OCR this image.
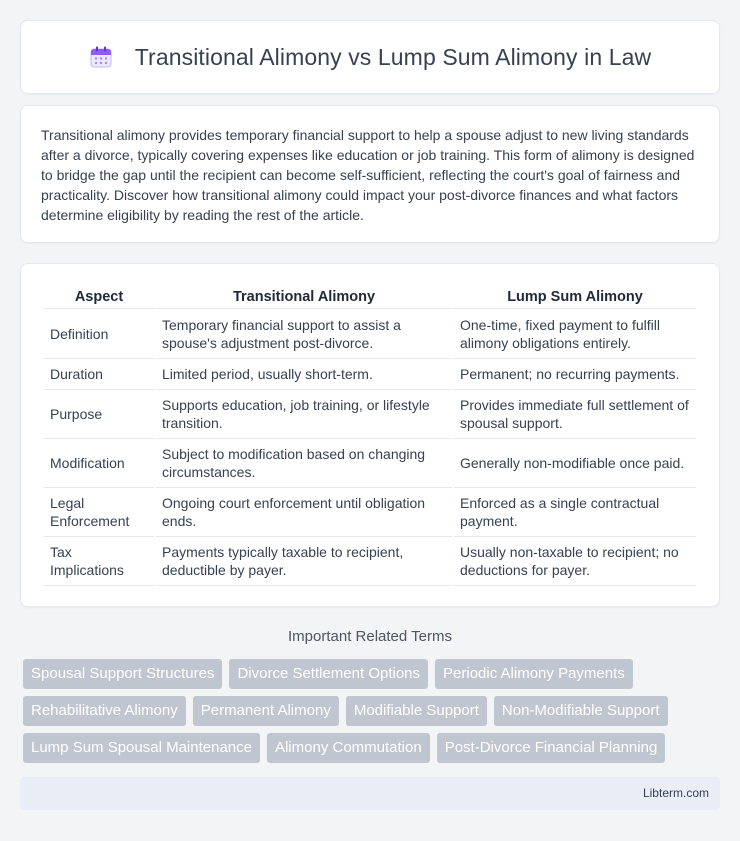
Transitional Alimony vs Lump Sum Alimony in Law

Transitional alimony provides temporary financial support to help a spouse adjust to new living standards after a divorce, typically covering expenses like education or job training. This form of alimony is designed to bridge the gap until the recipient can become self-sufficient, reflecting the court's goal of fairness and practicality. Discover how transitional alimony could impact your post-divorce finances and what factors determine eligibility by reading the rest of the article.

Aspect	Transitional Alimony	Lump Sum Alimony
Definition	Temporary financial support to assist a spouse's adjustment post-divorce.	One-time, fixed payment to fulfill alimony obligations entirely.
Duration	Limited period, usually short-term.	Permanent; no recurring payments.
Purpose	Supports education, job training, or lifestyle transition.	Provides immediate full settlement of spousal support.
Modification	Subject to modification based on changing circumstances.	Generally non-modifiable once paid.
Legal Enforcement	Ongoing court enforcement until obligation ends.	Enforced as a single contractual payment.
Tax Implications	Payments typically taxable to recipient, deductible by payer.	Usually non-taxable to recipient; no deductions for payer.
Important Related Terms
Spousal Support Structures	Divorce Settlement Options	Periodic Alimony Payments
Rehabilitative Alimony	Permanent Alimony	Modifiable Support	Non-Modifiable Support
Lump Sum Spousal Maintenance	Alimony Commutation	Post-Divorce Financial Planning
Libterm.com
